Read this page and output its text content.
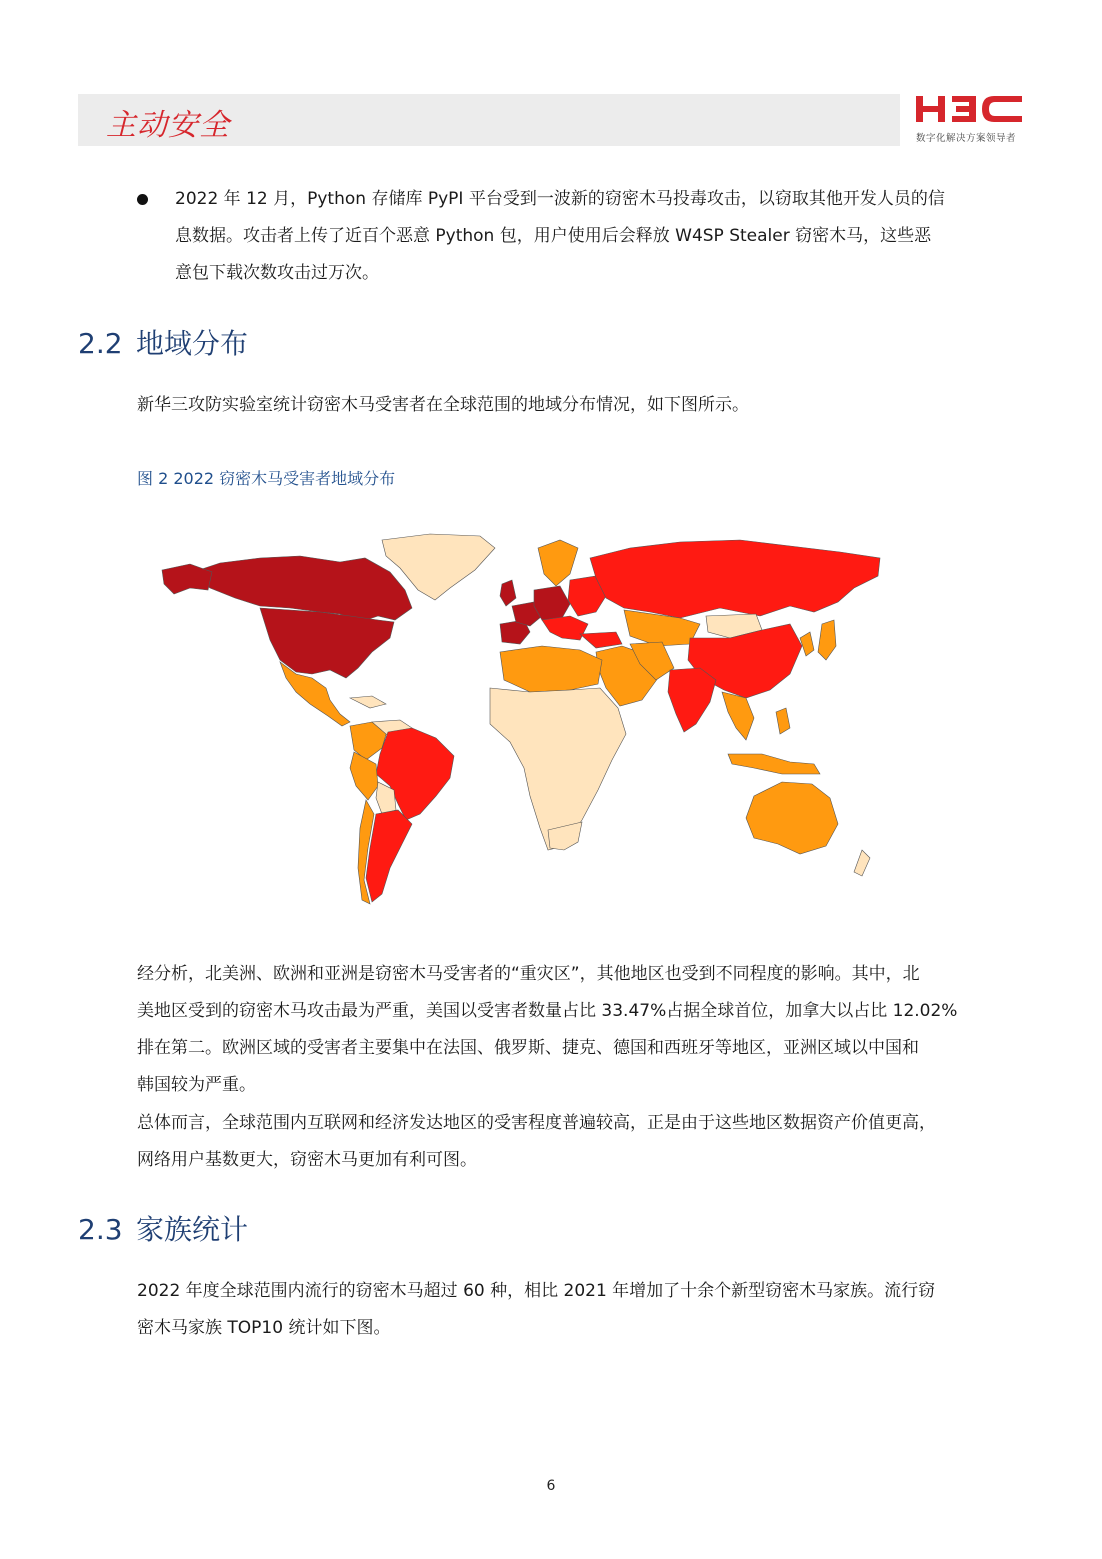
主动安全	数字化解决方案领导者
2022 年 12 月，Python 存储库 PyPI 平台受到一波新的窃密木马投毒攻击，以窃取其他开发人员的信
息数据。攻击者上传了近百个恶意 Python 包，用户使用后会释放 W4SP Stealer 窃密木马，这些恶
意包下载次数攻击过万次。
2.2 地域分布
新华三攻防实验室统计窃密木马受害者在全球范围的地域分布情况，如下图所示。
图 2 2022 窃密木马受害者地域分布
经分析，北美洲、欧洲和亚洲是窃密木马受害者的“重灾区”，其他地区也受到不同程度的影响。其中，北
美地区受到的窃密木马攻击最为严重，美国以受害者数量占比 33.47%占据全球首位，加拿大以占比 12.02%
排在第二。欧洲区域的受害者主要集中在法国、俄罗斯、捷克、德国和西班牙等地区，亚洲区域以中国和
韩国较为严重。
总体而言，全球范围内互联网和经济发达地区的受害程度普遍较高，正是由于这些地区数据资产价值更高，
网络用户基数更大，窃密木马更加有利可图。
2.3 家族统计
2022 年度全球范围内流行的窃密木马超过 60 种，相比 2021 年增加了十余个新型窃密木马家族。流行窃
密木马家族 TOP10 统计如下图。
6
